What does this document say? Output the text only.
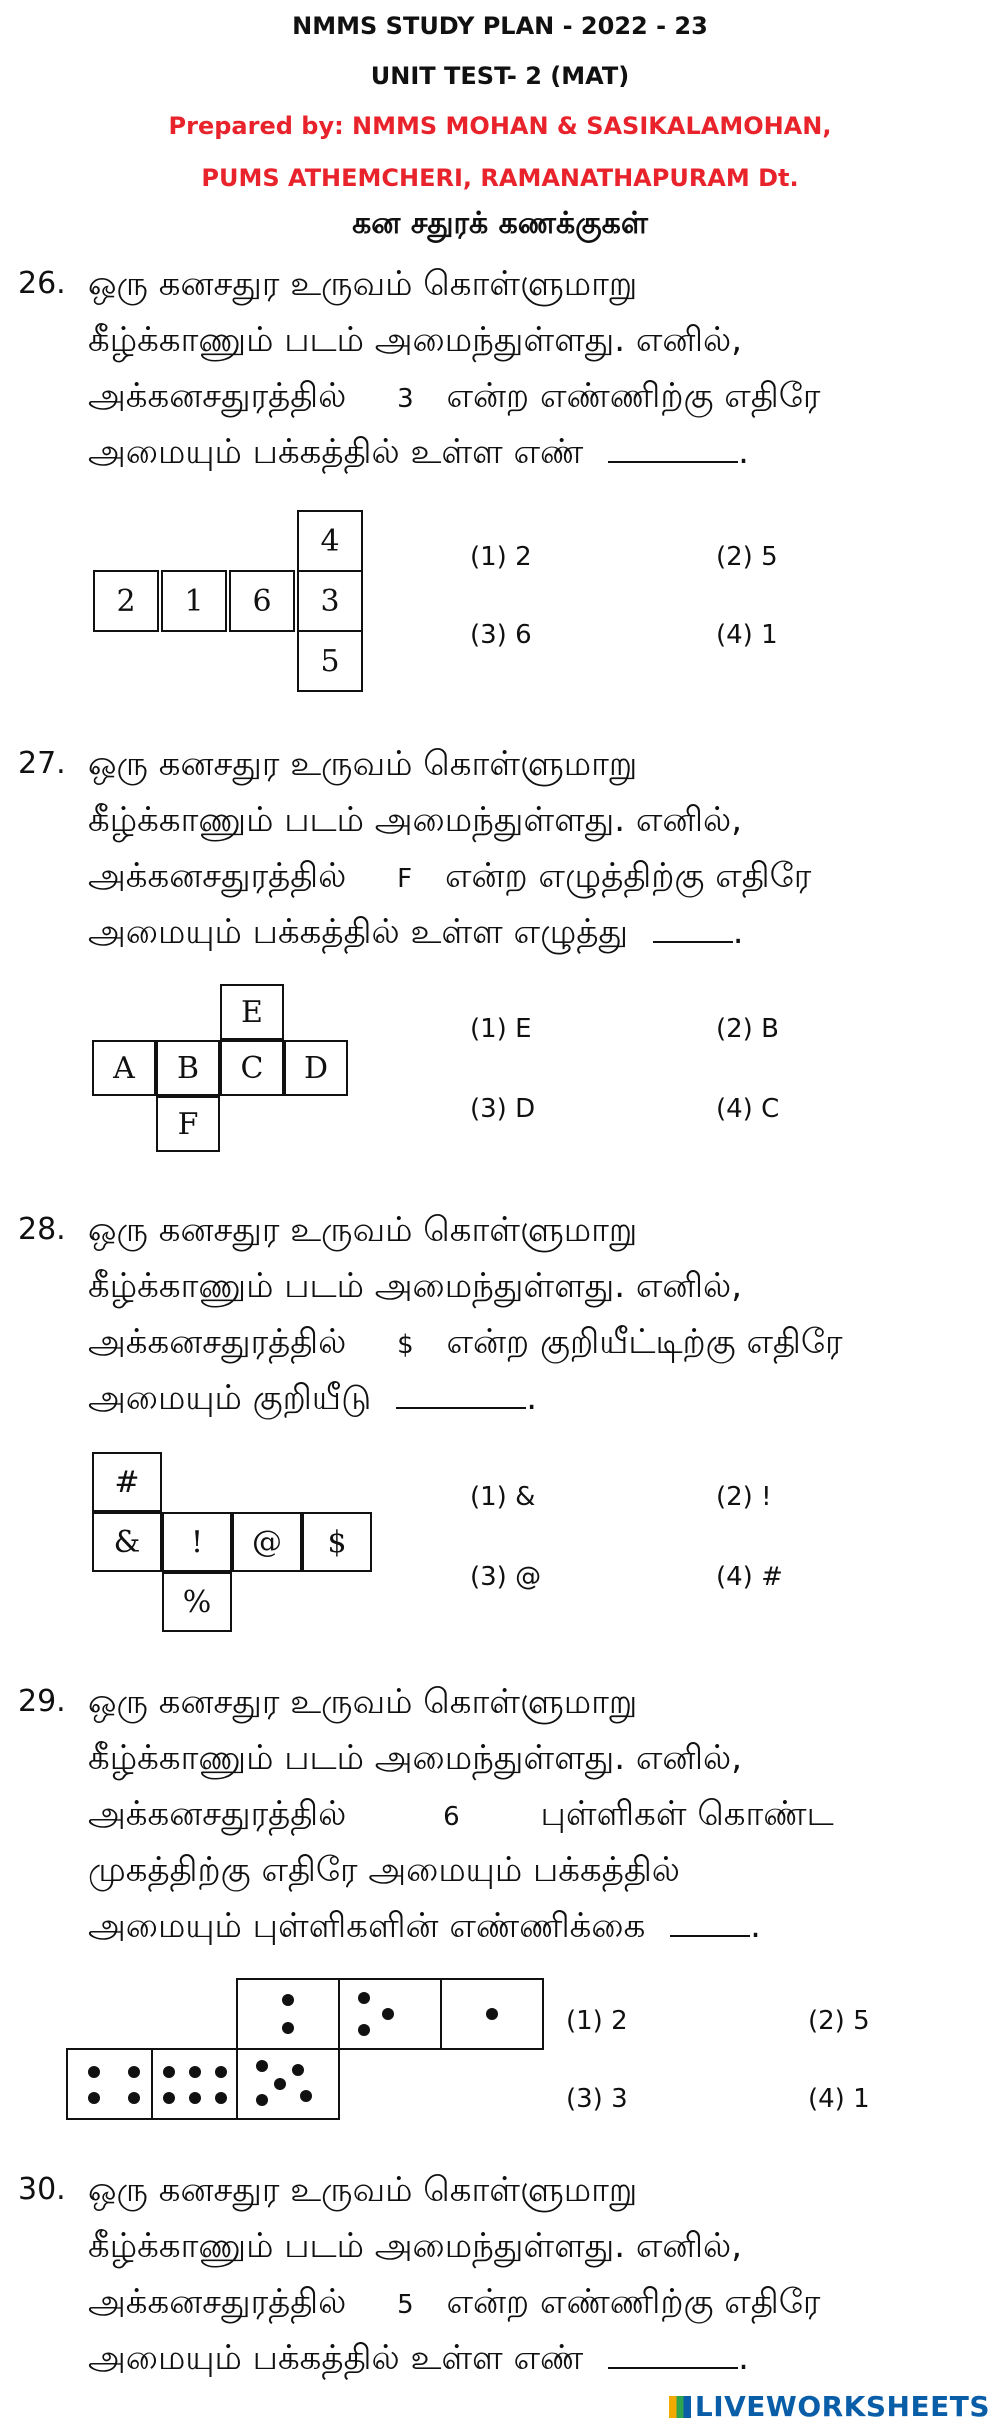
NMMS STUDY PLAN - 2022 - 23
UNIT TEST- 2 (MAT)
Prepared by: NMMS MOHAN & SASIKALAMOHAN,
PUMS ATHEMCHERI, RAMANATHAPURAM Dt.
கன சதுரக் கணக்குகள்
26. ஒரு கனசதுர உருவம் கொள்ளுமாறு
கீழ்க்காணும் படம் அமைந்துள்ளது. எனில்,
அக்கனசதுரத்தில் 3 என்ற எண்ணிற்கு எதிரே
அமையும் பக்கத்தில் உள்ள எண்	.
4
2	1	6	3
5
(1) 2	(2) 5
(3) 6	(4) 1
27. ஒரு கனசதுர உருவம் கொள்ளுமாறு
கீழ்க்காணும் படம் அமைந்துள்ளது. எனில்,
அக்கனசதுரத்தில் F என்ற எழுத்திற்கு எதிரே
அமையும் பக்கத்தில் உள்ள எழுத்து	.
E
A	B	C	D
F
(1) E	(2) B
(3) D	(4) C
28. ஒரு கனசதுர உருவம் கொள்ளுமாறு
கீழ்க்காணும் படம் அமைந்துள்ளது. எனில்,
அக்கனசதுரத்தில் $ என்ற குறியீட்டிற்கு எதிரே
அமையும் குறியீடு	.
#
&	!	@	$
%
(1) &	(2) !
(3) @	(4) #
29. ஒரு கனசதுர உருவம் கொள்ளுமாறு
கீழ்க்காணும் படம் அமைந்துள்ளது. எனில்,
அக்கனசதுரத்தில்	6 புள்ளிகள் கொண்ட
முகத்திற்கு எதிரே அமையும் பக்கத்தில்
அமையும் புள்ளிகளின் எண்ணிக்கை	.
(1) 2	(2) 5
(3) 3	(4) 1
30. ஒரு கனசதுர உருவம் கொள்ளுமாறு
கீழ்க்காணும் படம் அமைந்துள்ளது. எனில்,
அக்கனசதுரத்தில் 5 என்ற எண்ணிற்கு எதிரே
அமையும் பக்கத்தில் உள்ள எண்	.
LIVEWORKSHEETS
